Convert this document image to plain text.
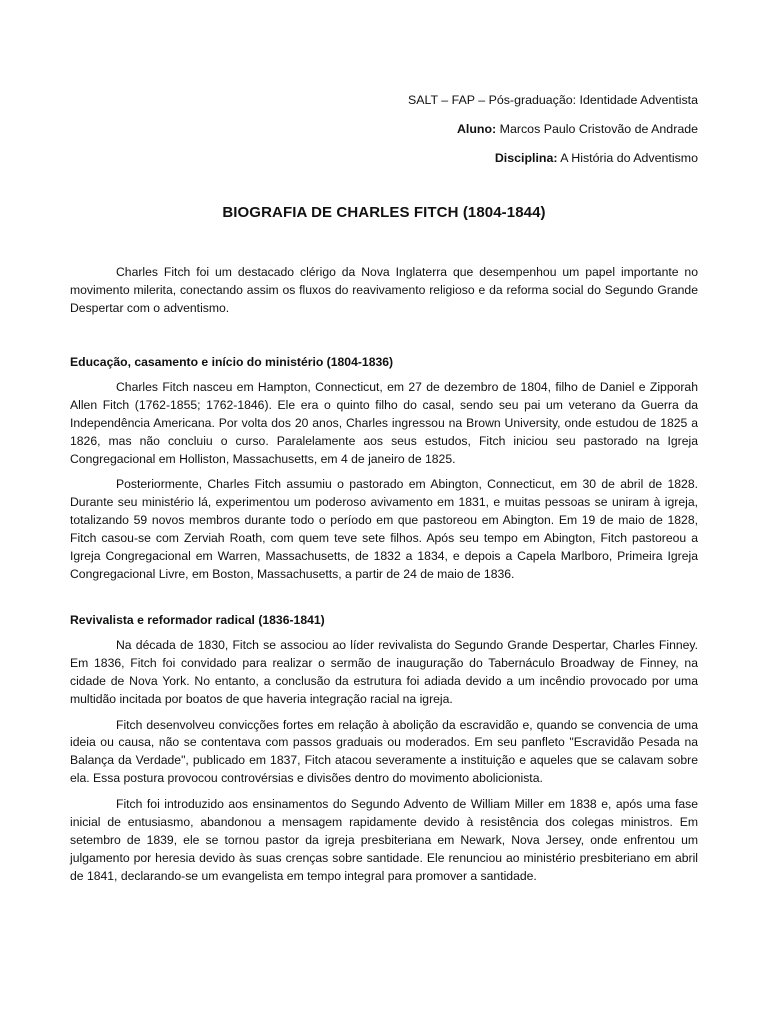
SALT – FAP – Pós-graduação: Identidade Adventista
Aluno: Marcos Paulo Cristovão de Andrade
Disciplina: A História do Adventismo
BIOGRAFIA DE CHARLES FITCH (1804-1844)

Charles Fitch foi um destacado clérigo da Nova Inglaterra que desempenhou um papel importante no movimento milerita, conectando assim os fluxos do reavivamento religioso e da reforma social do Segundo Grande Despertar com o adventismo.

Educação, casamento e início do ministério (1804-1836)

Charles Fitch nasceu em Hampton, Connecticut, em 27 de dezembro de 1804, filho de Daniel e Zipporah Allen Fitch (1762-1855; 1762-1846). Ele era o quinto filho do casal, sendo seu pai um veterano da Guerra da Independência Americana. Por volta dos 20 anos, Charles ingressou na Brown University, onde estudou de 1825 a 1826, mas não concluiu o curso. Paralelamente aos seus estudos, Fitch iniciou seu pastorado na Igreja Congregacional em Holliston, Massachusetts, em 4 de janeiro de 1825.

Posteriormente, Charles Fitch assumiu o pastorado em Abington, Connecticut, em 30 de abril de 1828. Durante seu ministério lá, experimentou um poderoso avivamento em 1831, e muitas pessoas se uniram à igreja, totalizando 59 novos membros durante todo o período em que pastoreou em Abington. Em 19 de maio de 1828, Fitch casou-se com Zerviah Roath, com quem teve sete filhos. Após seu tempo em Abington, Fitch pastoreou a Igreja Congregacional em Warren, Massachusetts, de 1832 a 1834, e depois a Capela Marlboro, Primeira Igreja Congregacional Livre, em Boston, Massachusetts, a partir de 24 de maio de 1836.

Revivalista e reformador radical (1836-1841)

Na década de 1830, Fitch se associou ao líder revivalista do Segundo Grande Despertar, Charles Finney. Em 1836, Fitch foi convidado para realizar o sermão de inauguração do Tabernáculo Broadway de Finney, na cidade de Nova York. No entanto, a conclusão da estrutura foi adiada devido a um incêndio provocado por uma multidão incitada por boatos de que haveria integração racial na igreja.

Fitch desenvolveu convicções fortes em relação à abolição da escravidão e, quando se convencia de uma ideia ou causa, não se contentava com passos graduais ou moderados. Em seu panfleto "Escravidão Pesada na Balança da Verdade", publicado em 1837, Fitch atacou severamente a instituição e aqueles que se calavam sobre ela. Essa postura provocou controvérsias e divisões dentro do movimento abolicionista.

Fitch foi introduzido aos ensinamentos do Segundo Advento de William Miller em 1838 e, após uma fase inicial de entusiasmo, abandonou a mensagem rapidamente devido à resistência dos colegas ministros. Em setembro de 1839, ele se tornou pastor da igreja presbiteriana em Newark, Nova Jersey, onde enfrentou um julgamento por heresia devido às suas crenças sobre santidade. Ele renunciou ao ministério presbiteriano em abril de 1841, declarando-se um evangelista em tempo integral para promover a santidade.
